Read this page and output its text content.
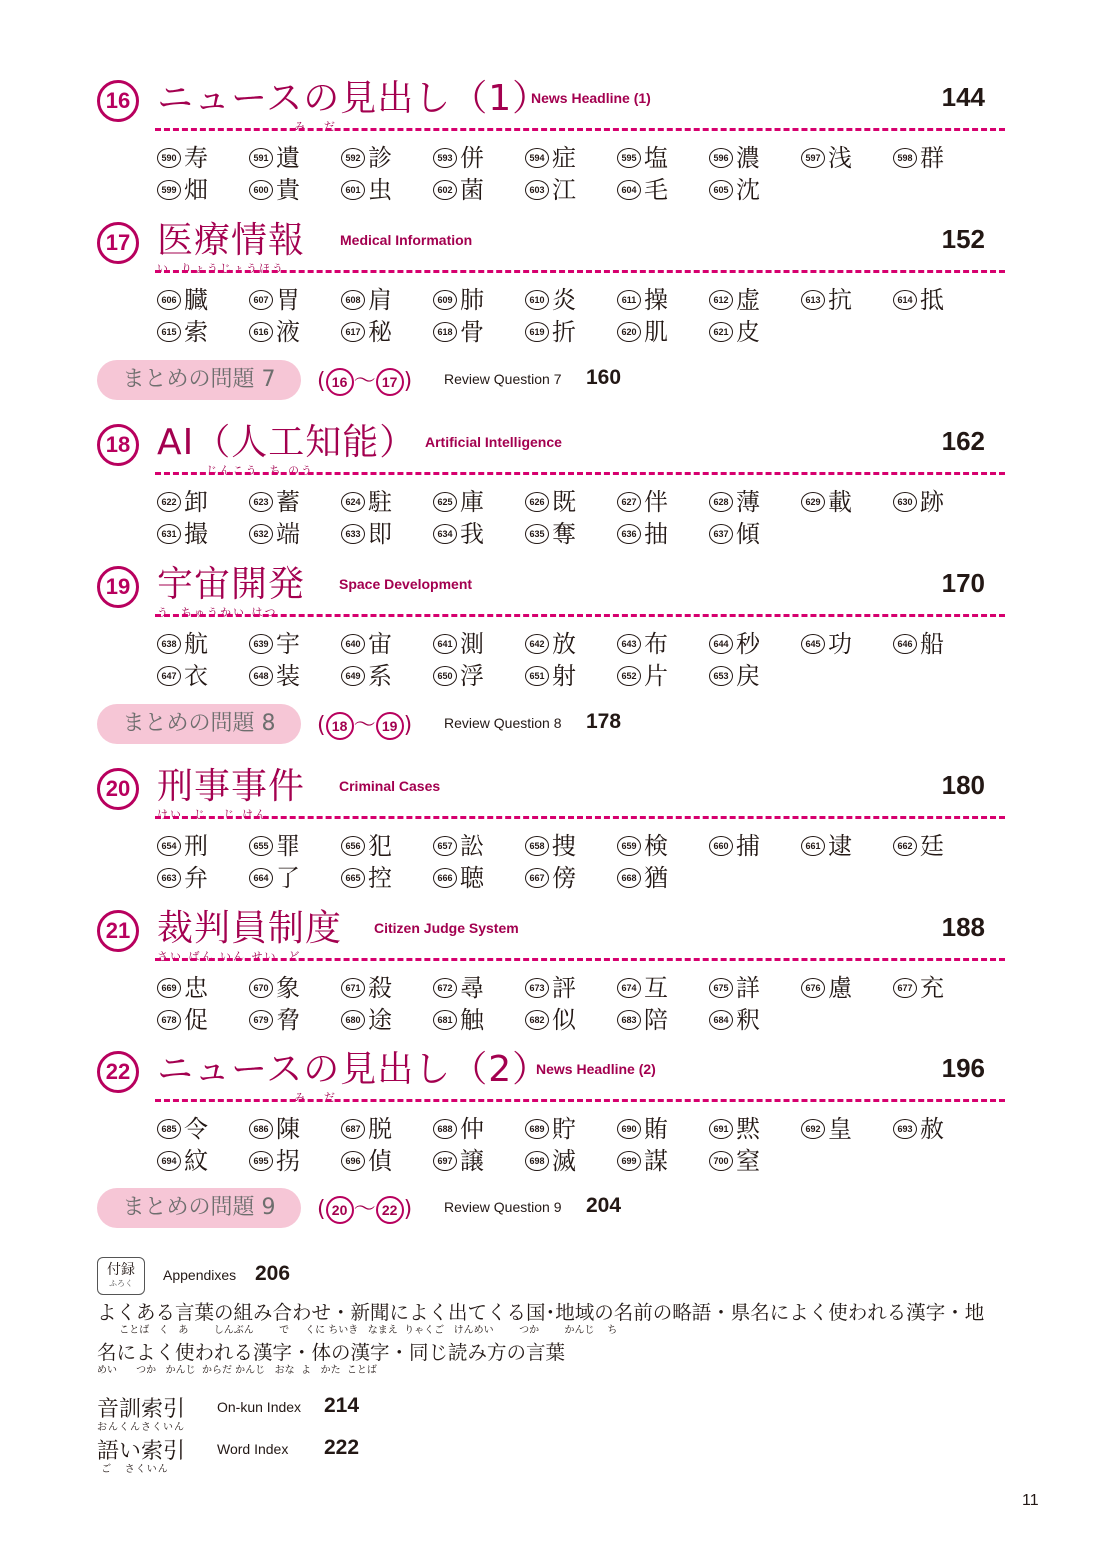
16 ニュースの見出し（1）
み   だ
News Headline (1)	144
590 寿	591 遺	592 診	593 併	594 症	595 塩	596 濃	597 浅	598 群
599 畑	600 貴	601 虫	602 菌	603 江	604 毛	605 沈
17 医療情報
い  りょうじょうほう
Medical Information	152
606 臓	607 胃	608 肩	609 肺	610 炎	611 操	612 虚	613 抗	614 抵
615 索	616 液	617 秘	618 骨	619 折	620 肌	621 皮
まとめの問題 7	( 16 〜 17 ) Review Question 7 160
18 AI（人工知能）
じんこう  ち のう
Artificial Intelligence	162
622 卸	623 蓄	624 駐	625 庫	626 既	627 伴	628 薄	629 載	630 跡
631 撮	632 端	633 即	634 我	635 奪	636 抽	637 傾
19 宇宙開発
う  ちゅうかい はつ
Space Development	170
638 航	639 宇	640 宙	641 測	642 放	643 布	644 秒	645 功	646 船
647 衣	648 装	649 系	650 浮	651 射	652 片	653 戻
まとめの問題 8	( 18 〜 19 ) Review Question 8 178
20 刑事事件
けい  じ   じ けん
Criminal Cases	180
654 刑	655 罪	656 犯	657 訟	658 捜	659 検	660 捕	661 逮	662 廷
663 弁	664 了	665 控	666 聴	667 傍	668 猶
21 裁判員制度
さい ばん いん せい  ど
Citizen Judge System	188
669 忠	670 象	671 殺	672 尋	673 評	674 互	675 詳	676 慮	677 充
678 促	679 脅	680 途	681 触	682 似	683 陪	684 釈
22 ニュースの見出し（2）
み   だ
News Headline (2)	196
685 令	686 陳	687 脱	688 仲	689 貯	690 賄	691 黙	692 皇	693 赦
694 紋	695 拐	696 偵	697 譲	698 滅	699 謀	700 窒
まとめの問題 9	( 20 〜 22 ) Review Question 9 204
付録
ふろく
Appendixes 206
よくある言葉の組み合わせ・新聞によく出てくる国･地域の名前の略語・県名によく使われる漢字・地
ことば   く   あ        しんぶん        で     くに ちいき   なまえ  りゃくご   けんめい        つか        かんじ    ち
名によく使われる漢字・体の漢字・同じ読み方の言葉
めい      つか   かんじ  からだ かんじ   おな  よ   かた  ことば
音訓索引
おんくんさくいん
On-kun Index 214
語い索引
ご   さくいん
Word Index 222
11
